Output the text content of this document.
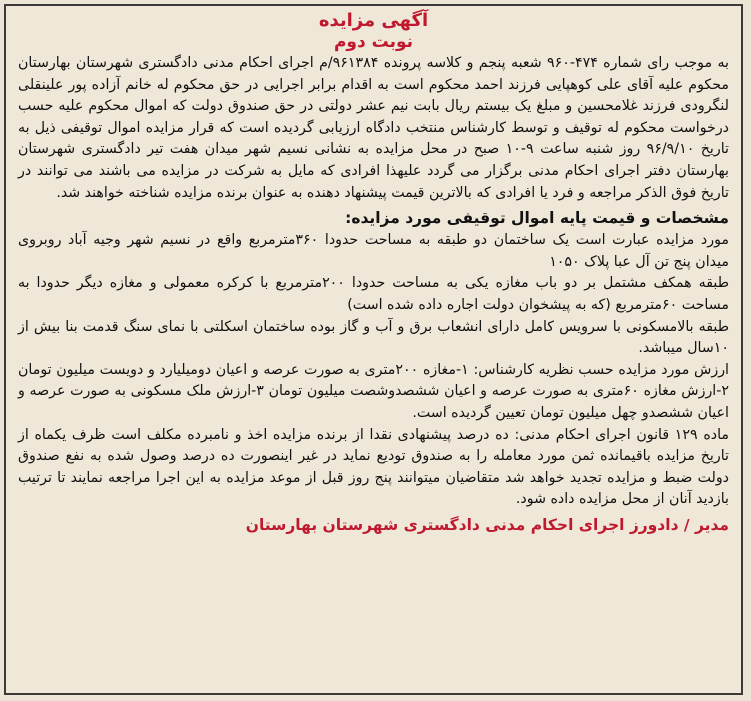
آگهی مزایده
نوبت دوم

به موجب رای شماره ۴۷۴-۹۶۰ شعبه پنجم و کلاسه پرونده ۹۶۱۳۸۴/م اجرای احکام مدنی دادگستری شهرستان بهارستان محکوم علیه آقای علی کوهپایی فرزند احمد محکوم است به اقدام برابر اجرایی در حق محکوم له خانم آزاده پور علینقلی لنگرودی فرزند غلامحسین و مبلغ یک بیستم ریال بابت نیم عشر دولتی در حق صندوق دولت که اموال محکوم علیه حسب درخواست محکوم له توقیف و توسط کارشناس منتخب دادگاه ارزیابی گردیده است که قرار مزایده اموال توقیفی ذیل به تاریخ ۹۶/۹/۱۰ روز شنبه ساعت ۹-۱۰ صبح در محل مزایده به نشانی نسیم شهر میدان هفت تیر دادگستری شهرستان بهارستان دفتر اجرای احکام مدنی برگزار می گردد علیهذا افرادی که مایل به شرکت در مزایده می باشند می توانند در تاریخ فوق الذکر مراجعه و فرد یا افرادی که بالاترین قیمت پیشنهاد دهنده به عنوان برنده مزایده شناخته خواهند شد.

مشخصات و قیمت پایه اموال توقیفی مورد مزایده:

مورد مزایده عبارت است یک ساختمان دو طبقه به مساحت حدودا ۳۶۰مترمربع واقع در نسیم شهر وجیه آباد روبروی میدان پنج تن آل عبا پلاک ۱۰۵۰

طبقه همکف مشتمل بر دو باب مغازه یکی به مساحت حدودا ۲۰۰مترمربع با کرکره معمولی و مغازه دیگر حدودا به مساحت ۶۰مترمربع (که به پیشخوان دولت اجاره داده شده است)

طبقه بالامسکونی با سرویس کامل دارای انشعاب برق و آب و گاز بوده ساختمان اسکلتی با نمای سنگ قدمت بنا بیش از ۱۰سال میباشد.

ارزش مورد مزایده حسب نظریه کارشناس: ۱-مغازه ۲۰۰متری به صورت عرصه و اعیان دومیلیارد و دویست میلیون تومان ۲-ارزش مغازه ۶۰متری به صورت عرصه و اعیان ششصدوشصت میلیون تومان ۳-ارزش ملک مسکونی به صورت عرصه و اعیان ششصدو چهل میلیون تومان تعیین گردیده است.

ماده ۱۲۹ قانون اجرای احکام مدنی: ده درصد پیشنهادی نقدا از برنده مزایده اخذ و نامبرده مکلف است ظرف یکماه از تاریخ مزایده باقیمانده ثمن مورد معامله را به صندوق تودیع نماید در غیر اینصورت ده درصد وصول شده به نفع صندوق دولت ضبط و مزایده تجدید خواهد شد متقاضیان میتوانند پنج روز قبل از موعد مزایده به این اجرا مراجعه نمایند تا ترتیب بازدید آنان از محل مزایده داده شود.

مدیر / دادورز اجرای احکام مدنی دادگستری شهرستان بهارستان
